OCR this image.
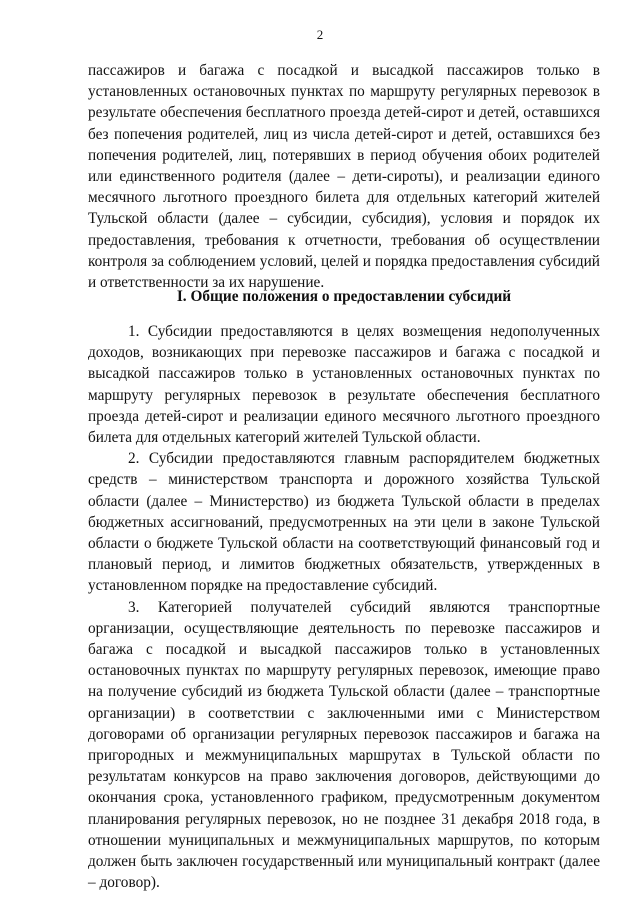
2

пассажиров и багажа с посадкой и высадкой пассажиров только в установленных остановочных пунктах по маршруту регулярных перевозок в результате обеспечения бесплатного проезда детей-сирот и детей, оставшихся без попечения родителей, лиц из числа детей-сирот и детей, оставшихся без попечения родителей, лиц, потерявших в период обучения обоих родителей или единственного родителя (далее – дети-сироты), и реализации единого месячного льготного проездного билета для отдельных категорий жителей Тульской области (далее – субсидии, субсидия), условия и порядок их предоставления, требования к отчетности, требования об осуществлении контроля за соблюдением условий, целей и порядка предоставления субсидий и ответственности за их нарушение.

I. Общие положения о предоставлении субсидий

1. Субсидии предоставляются в целях возмещения недополученных доходов, возникающих при перевозке пассажиров и багажа с посадкой и высадкой пассажиров только в установленных остановочных пунктах по маршруту регулярных перевозок в результате обеспечения бесплатного проезда детей-сирот и реализации единого месячного льготного проездного билета для отдельных категорий жителей Тульской области.

2. Субсидии предоставляются главным распорядителем бюджетных средств – министерством транспорта и дорожного хозяйства Тульской области (далее – Министерство) из бюджета Тульской области в пределах бюджетных ассигнований, предусмотренных на эти цели в законе Тульской области о бюджете Тульской области на соответствующий финансовый год и плановый период, и лимитов бюджетных обязательств, утвержденных в установленном порядке на предоставление субсидий.

3. Категорией получателей субсидий являются транспортные организации, осуществляющие деятельность по перевозке пассажиров и багажа с посадкой и высадкой пассажиров только в установленных остановочных пунктах по маршруту регулярных перевозок, имеющие право на получение субсидий из бюджета Тульской области (далее – транспортные организации) в соответствии с заключенными ими с Министерством договорами об организации регулярных перевозок пассажиров и багажа на пригородных и межмуниципальных маршрутах в Тульской области по результатам конкурсов на право заключения договоров, действующими до окончания срока, установленного графиком, предусмотренным документом планирования регулярных перевозок, но не позднее 31 декабря 2018 года, в отношении муниципальных и межмуниципальных маршрутов, по которым должен быть заключен государственный или муниципальный контракт (далее – договор).
